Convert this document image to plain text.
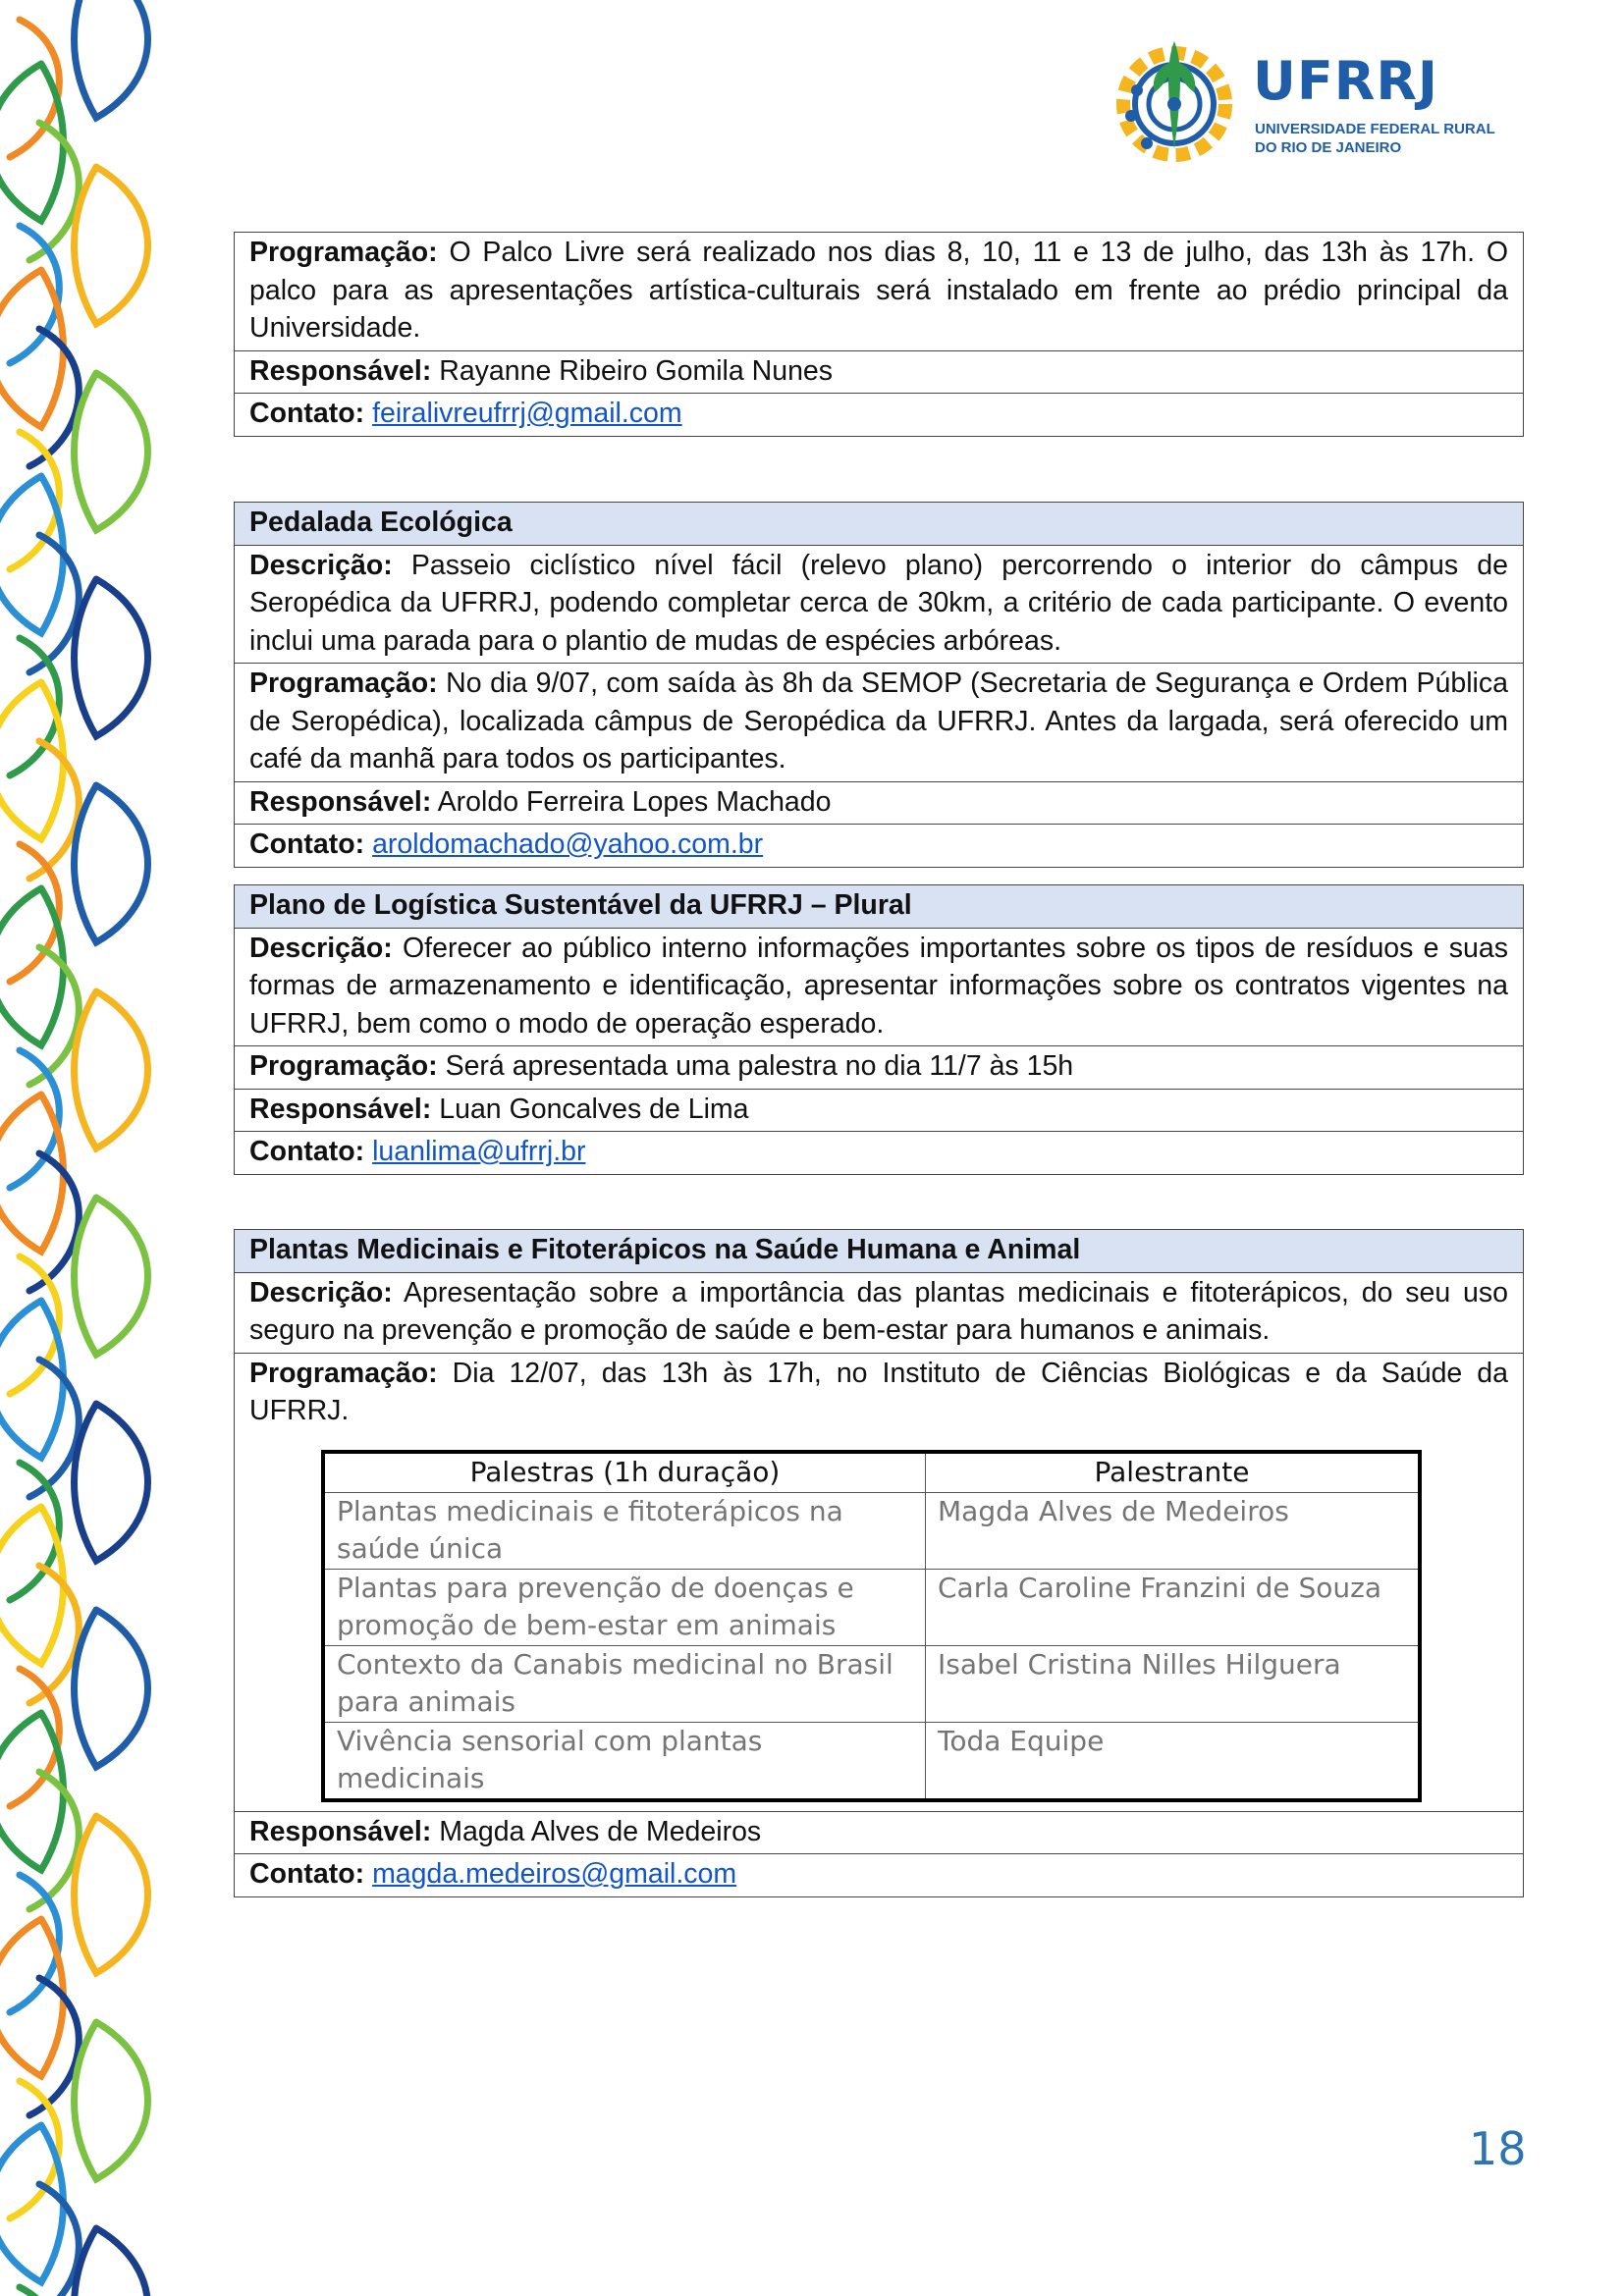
UFRRJ
UNIVERSIDADE FEDERAL RURAL
DO RIO DE JANEIRO
Programação: O Palco Livre será realizado nos dias 8, 10, 11 e 13 de julho, das 13h às 17h. O palco para as apresentações artística-culturais será instalado em frente ao prédio principal da Universidade.
Responsável: Rayanne Ribeiro Gomila Nunes
Contato: feiralivreufrrj@gmail.com
Pedalada Ecológica
Descrição: Passeio ciclístico nível fácil (relevo plano) percorrendo o interior do câmpus de Seropédica da UFRRJ, podendo completar cerca de 30km, a critério de cada participante. O evento inclui uma parada para o plantio de mudas de espécies arbóreas.
Programação: No dia 9/07, com saída às 8h da SEMOP (Secretaria de Segurança e Ordem Pública de Seropédica), localizada câmpus de Seropédica da UFRRJ. Antes da largada, será oferecido um café da manhã para todos os participantes.
Responsável: Aroldo Ferreira Lopes Machado
Contato: aroldomachado@yahoo.com.br
Plano de Logística Sustentável da UFRRJ – Plural
Descrição: Oferecer ao público interno informações importantes sobre os tipos de resíduos e suas formas de armazenamento e identificação, apresentar informações sobre os contratos vigentes na UFRRJ, bem como o modo de operação esperado.
Programação: Será apresentada uma palestra no dia 11/7 às 15h
Responsável: Luan Goncalves de Lima
Contato: luanlima@ufrrj.br
Plantas Medicinais e Fitoterápicos na Saúde Humana e Animal
Descrição: Apresentação sobre a importância das plantas medicinais e fitoterápicos, do seu uso seguro na prevenção e promoção de saúde e bem-estar para humanos e animais.
Programação: Dia 12/07, das 13h às 17h, no Instituto de Ciências Biológicas e da Saúde da UFRRJ.
Palestras (1h duração)	Palestrante
Plantas medicinais e fitoterápicos na saúde única	Magda Alves de Medeiros
Plantas para prevenção de doenças e promoção de bem-estar em animais	Carla Caroline Franzini de Souza
Contexto da Canabis medicinal no Brasil para animais	Isabel Cristina Nilles Hilguera
Vivência sensorial com plantas medicinais	Toda Equipe
Responsável: Magda Alves de Medeiros
Contato: magda.medeiros@gmail.com
18
